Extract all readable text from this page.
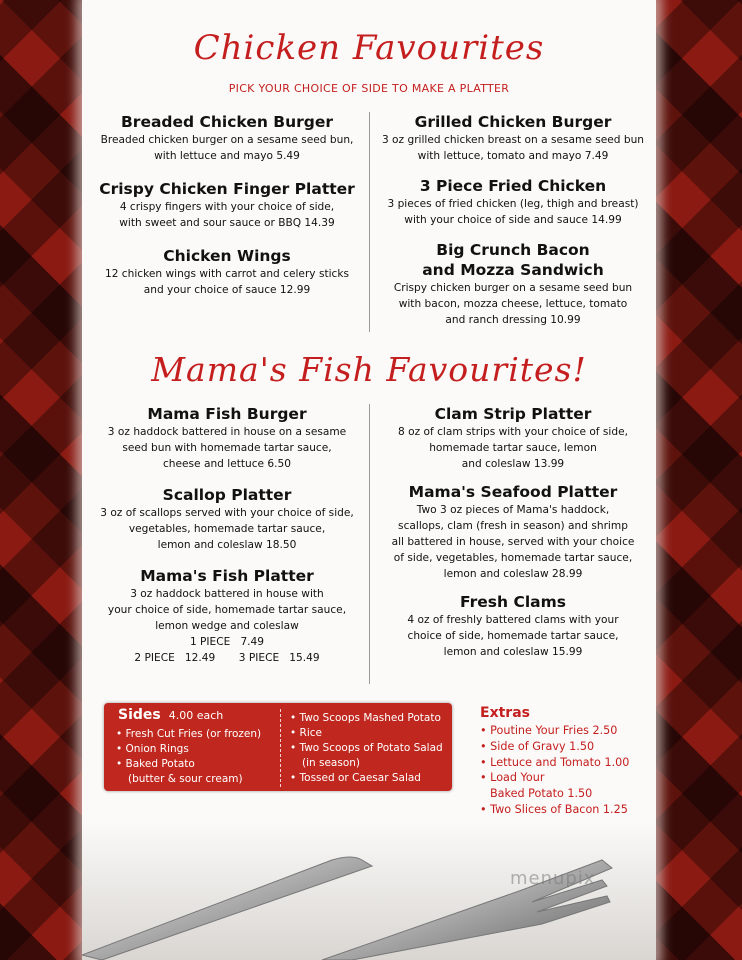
Chicken Favourites
PICK YOUR CHOICE OF SIDE TO MAKE A PLATTER
Breaded Chicken Burger
Breaded chicken burger on a sesame seed bun,
with lettuce and mayo 5.49
Crispy Chicken Finger Platter
4 crispy fingers with your choice of side,
with sweet and sour sauce or BBQ 14.39
Chicken Wings
12 chicken wings with carrot and celery sticks
and your choice of sauce 12.99
Grilled Chicken Burger
3 oz grilled chicken breast on a sesame seed bun
with lettuce, tomato and mayo 7.49
3 Piece Fried Chicken
3 pieces of fried chicken (leg, thigh and breast)
with your choice of side and sauce 14.99
Big Crunch Bacon
and Mozza Sandwich
Crispy chicken burger on a sesame seed bun
with bacon, mozza cheese, lettuce, tomato
and ranch dressing 10.99
Mama's Fish Favourites!
Mama Fish Burger
3 oz haddock battered in house on a sesame
seed bun with homemade tartar sauce,
cheese and lettuce 6.50
Scallop Platter
3 oz of scallops served with your choice of side,
vegetables, homemade tartar sauce,
lemon and coleslaw 18.50
Mama's Fish Platter
3 oz haddock battered in house with
your choice of side, homemade tartar sauce,
lemon wedge and coleslaw
1 PIECE   7.49
2 PIECE   12.49       3 PIECE   15.49
Clam Strip Platter
8 oz of clam strips with your choice of side,
homemade tartar sauce, lemon
and coleslaw 13.99
Mama's Seafood Platter
Two 3 oz pieces of Mama's haddock,
scallops, clam (fresh in season) and shrimp
all battered in house, served with your choice
of side, vegetables, homemade tartar sauce,
lemon and coleslaw 28.99
Fresh Clams
4 oz of freshly battered clams with your
choice of side, homemade tartar sauce,
lemon and coleslaw 15.99
Sides 4.00 each
• Fresh Cut Fries (or frozen)
• Onion Rings
• Baked Potato
(butter & sour cream)
• Two Scoops Mashed Potato
• Rice
• Two Scoops of Potato Salad
(in season)
• Tossed or Caesar Salad
Extras
• Poutine Your Fries 2.50
• Side of Gravy 1.50
• Lettuce and Tomato 1.00
• Load Your
Baked Potato 1.50
• Two Slices of Bacon 1.25
menupix
